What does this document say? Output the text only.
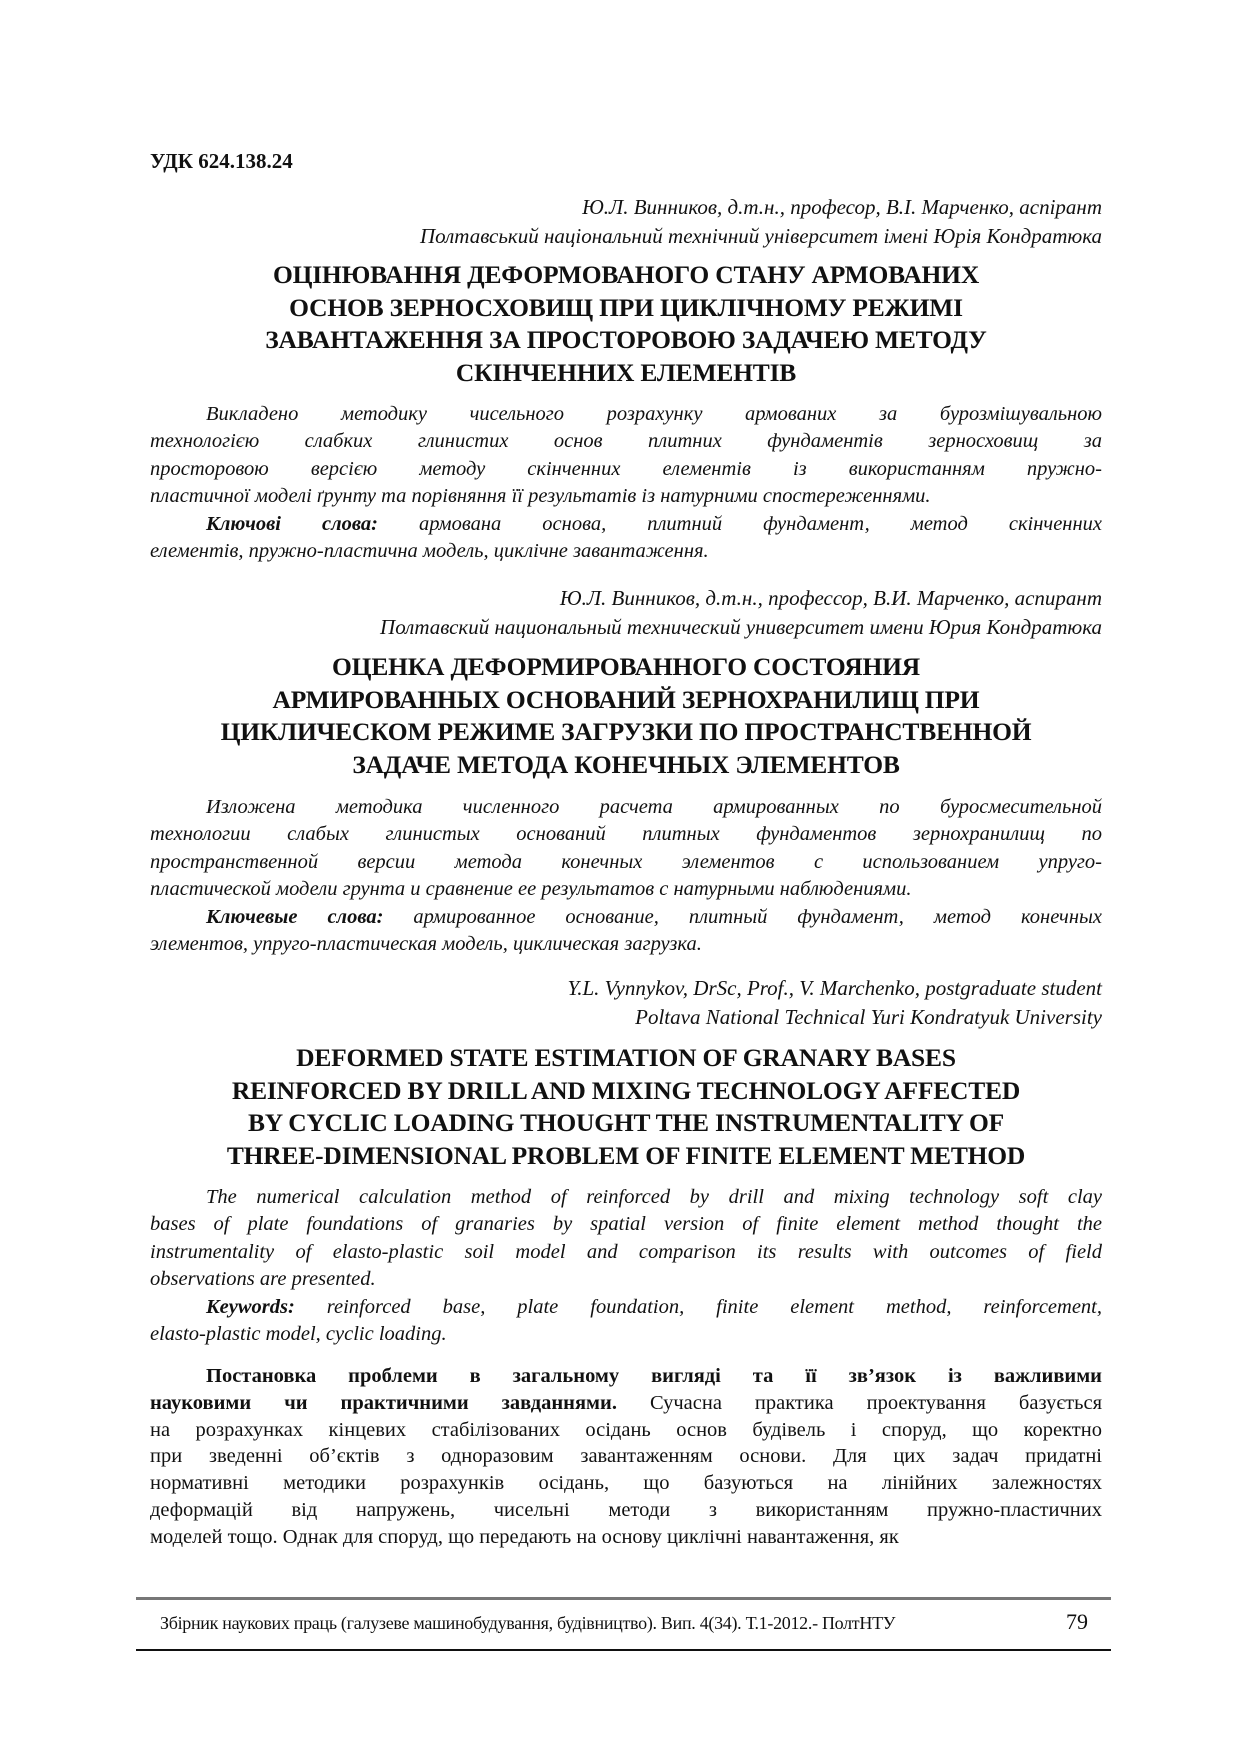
УДК 624.138.24
Ю.Л. Винников, д.т.н., професор, В.І. Марченко, аспірант
Полтавський національний технічний університет імені Юрія Кондратюка
ОЦІНЮВАННЯ ДЕФОРМОВАНОГО СТАНУ АРМОВАНИХ
ОСНОВ ЗЕРНОСХОВИЩ ПРИ ЦИКЛІЧНОМУ РЕЖИМІ
ЗАВАНТАЖЕННЯ ЗА ПРОСТОРОВОЮ ЗАДАЧЕЮ МЕТОДУ
СКІНЧЕННИХ ЕЛЕМЕНТІВ
Викладено методику чисельного розрахунку армованих за бурозмішувальною
технологією слабких глинистих основ плитних фундаментів зерносховищ за
просторовою версією методу скінченних елементів із використанням пружно-
пластичної моделі ґрунту та порівняння її результатів із натурними спостереженнями.
Ключові слова: армована основа, плитний фундамент, метод скінченних
елементів, пружно-пластична модель, циклічне завантаження.
Ю.Л. Винников, д.т.н., профессор, В.И. Марченко, аспирант
Полтавский национальный технический университет имени Юрия Кондратюка
ОЦЕНКА ДЕФОРМИРОВАННОГО СОСТОЯНИЯ
АРМИРОВАННЫХ ОСНОВАНИЙ ЗЕРНОХРАНИЛИЩ ПРИ
ЦИКЛИЧЕСКОМ РЕЖИМЕ ЗАГРУЗКИ ПО ПРОСТРАНСТВЕННОЙ
ЗАДАЧЕ МЕТОДА КОНЕЧНЫХ ЭЛЕМЕНТОВ
Изложена методика численного расчета армированных по буросмесительной
технологии слабых глинистых оснований плитных фундаментов зернохранилищ по
пространственной версии метода конечных элементов с использованием упруго-
пластической модели грунта и сравнение ее результатов с натурными наблюдениями.
Ключевые слова: армированное основание, плитный фундамент, метод конечных
элементов, упруго-пластическая модель, циклическая загрузка.
Y.L. Vynnykov, DrSc, Prof., V. Marchenko, postgraduate student
Poltava National Technical Yuri Kondratyuk University
DEFORMED STATE ESTIMATION OF GRANARY BASES
REINFORCED BY DRILL AND MIXING TECHNOLOGY AFFECTED
BY CYCLIC LOADING THOUGHT THE INSTRUMENTALITY OF
THREE-DIMENSIONAL PROBLEM OF FINITE ELEMENT METHOD
The numerical calculation method of reinforced by drill and mixing technology soft clay
bases of plate foundations of granaries by spatial version of finite element method thought the
instrumentality of elasto-plastic soil model and comparison its results with outcomes of field
observations are presented.
Keywords: reinforced base, plate foundation, finite element method, reinforcement,
elasto-plastic model, cyclic loading.
Постановка проблеми в загальному вигляді та її зв’язок із важливими
науковими чи практичними завданнями. Сучасна практика проектування базується
на розрахунках кінцевих стабілізованих осідань основ будівель і споруд, що коректно
при зведенні об’єктів з одноразовим завантаженням основи. Для цих задач придатні
нормативні методики розрахунків осідань, що базуються на лінійних залежностях
деформацій від напружень, чисельні методи з використанням пружно-пластичних
моделей тощо. Однак для споруд, що передають на основу циклічні навантаження, як
Збірник наукових праць (галузеве машинобудування, будівництво). Вип. 4(34). Т.1-2012.- ПолтНТУ	79
